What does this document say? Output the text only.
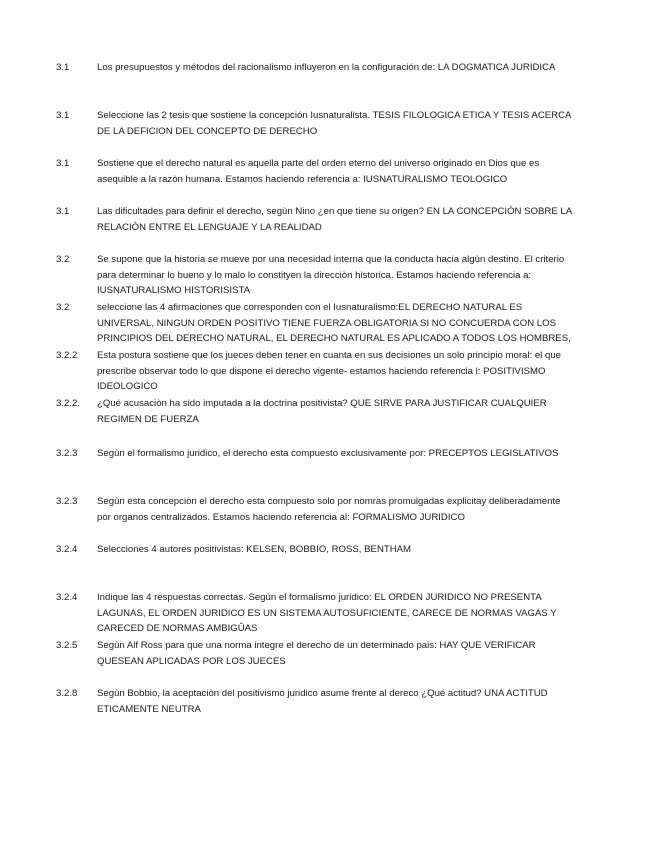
3.1	Los presupuestos y métodos del racionalismo influyeron en la configuración de: LA DOGMATICA JURIDICA
3.1	Seleccione las 2 tesis que sostiene la concepción Iusnaturalista. TESIS FILOLOGICA ETICA Y TESIS ACERCA DE LA DEFICION DEL CONCEPTO DE DERECHO
3.1	Sostiene que el derecho natural es aquella parte del orden eterno del universo originado en Dios que es asequible a la razòn humana. Estamos haciendo referencia a: IUSNATURALISMO TEOLOGICO
3.1	Las dificultades para definir el derecho, segùn Nino ¿en que tiene su origen? EN LA CONCEPCIÒN SOBRE LA RELACIÒN ENTRE EL LENGUAJE Y LA REALIDAD
3.2	Se supone que la historia se mueve por una necesidad interna que la conducta hacia algùn destino. El criterio para determinar lo bueno y lo malo lo constityen la direcciòn historica. Estamos haciendo referencia a: IUSNATURALISMO HISTORISISTA
3.2	seleccione las 4 afirmaciones que corresponden con el Iusnaturalismo:EL DERECHO NATURAL ES UNIVERSAL, NINGUN ORDEN POSITIVO TIENE FUERZA OBLIGATORIA SI NO CONCUERDA CON LOS PRINCIPIOS DEL DERECHO NATURAL, EL DERECHO NATURAL ES APLICADO A TODOS LOS HOMBRES,
3.2.2	Esta postura sostiene que los jueces deben tener en cuanta en sus decisiones un solo principio moral: el que prescribe observar todo lo que dispone el derecho vigente- estamos haciendo referencia l: POSITIVISMO IDEOLOGICO
3.2.2.	¿Qué acusaciòn ha sido imputada a la doctrina positivista? QUE SIRVE PARA JUSTIFICAR CUALQUIER REGIMEN DE FUERZA
3.2.3	Segùn el formalismo juridico, el derecho esta compuesto exclusivamente por: PRECEPTOS LEGISLATIVOS
3.2.3	Segùn esta concepciòn el derecho esta compuesto solo por nomras promulgadas explicitay deliberadamente por organos centralizados. Estamos haciendo referencia al: FORMALISMO JURIDICO
3.2.4	Selecciones 4 autores positivistas: KELSEN, BOBBIO, ROSS, BENTHAM
3.2.4	Indique las 4 respuestas correctas. Segùn el formalismo juridico: EL ORDEN JURIDICO NO PRESENTA LAGUNAS, EL ORDEN JURIDICO ES UN SISTEMA AUTOSUFICIENTE, CARECE DE NORMAS VAGAS Y CARECED DE NORMAS AMBIGÛAS
3.2.5	Segùn Alf Ross para que una norma integre el derecho de un determinado pais: HAY QUE VERIFICAR QUESEAN APLICADAS POR LOS JUECES
3.2.8	Segùn Bobbio, la aceptaciòn del positivismo juridico asume frente al dereco ¿Qué actitud? UNA ACTITUD ETICAMENTE NEUTRA
